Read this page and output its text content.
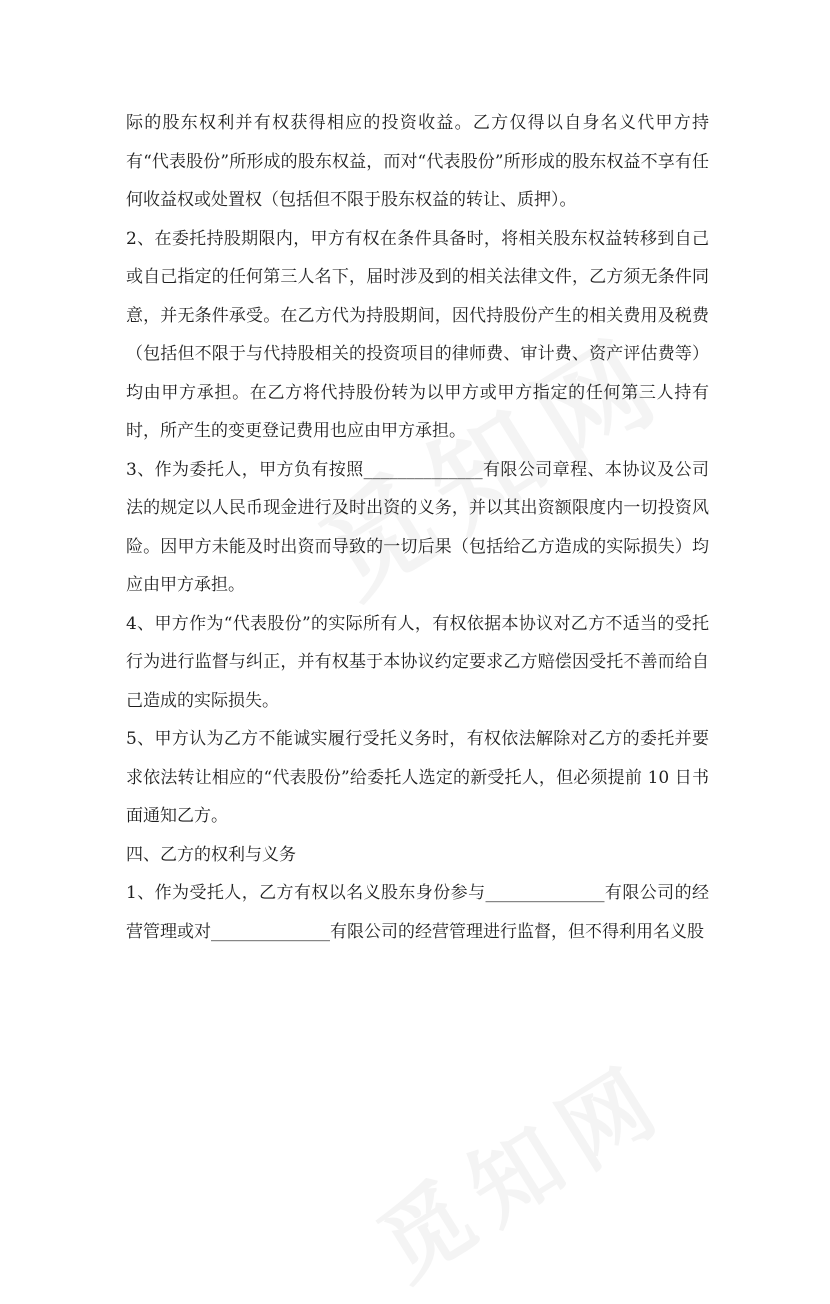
际的股东权利并有权获得相应的投资收益。乙方仅得以自身名义代甲方持有“代表股份”所形成的股东权益，而对“代表股份”所形成的股东权益不享有任何收益权或处置权（包括但不限于股东权益的转让、质押）。

2、在委托持股期限内，甲方有权在条件具备时，将相关股东权益转移到自己或自己指定的任何第三人名下，届时涉及到的相关法律文件，乙方须无条件同意，并无条件承受。在乙方代为持股期间，因代持股份产生的相关费用及税费（包括但不限于与代持股相关的投资项目的律师费、审计费、资产评估费等）均由甲方承担。在乙方将代持股份转为以甲方或甲方指定的任何第三人持有时，所产生的变更登记费用也应由甲方承担。

3、作为委托人，甲方负有按照______________有限公司章程、本协议及公司法的规定以人民币现金进行及时出资的义务，并以其出资额限度内一切投资风险。因甲方未能及时出资而导致的一切后果（包括给乙方造成的实际损失）均应由甲方承担。

4、甲方作为“代表股份”的实际所有人，有权依据本协议对乙方不适当的受托行为进行监督与纠正，并有权基于本协议约定要求乙方赔偿因受托不善而给自己造成的实际损失。

5、甲方认为乙方不能诚实履行受托义务时，有权依法解除对乙方的委托并要求依法转让相应的“代表股份”给委托人选定的新受托人，但必须提前 10 日书面通知乙方。

四、乙方的权利与义务

1、作为受托人，乙方有权以名义股东身份参与______________有限公司的经营管理或对______________有限公司的经营管理进行监督，但不得利用名义股
